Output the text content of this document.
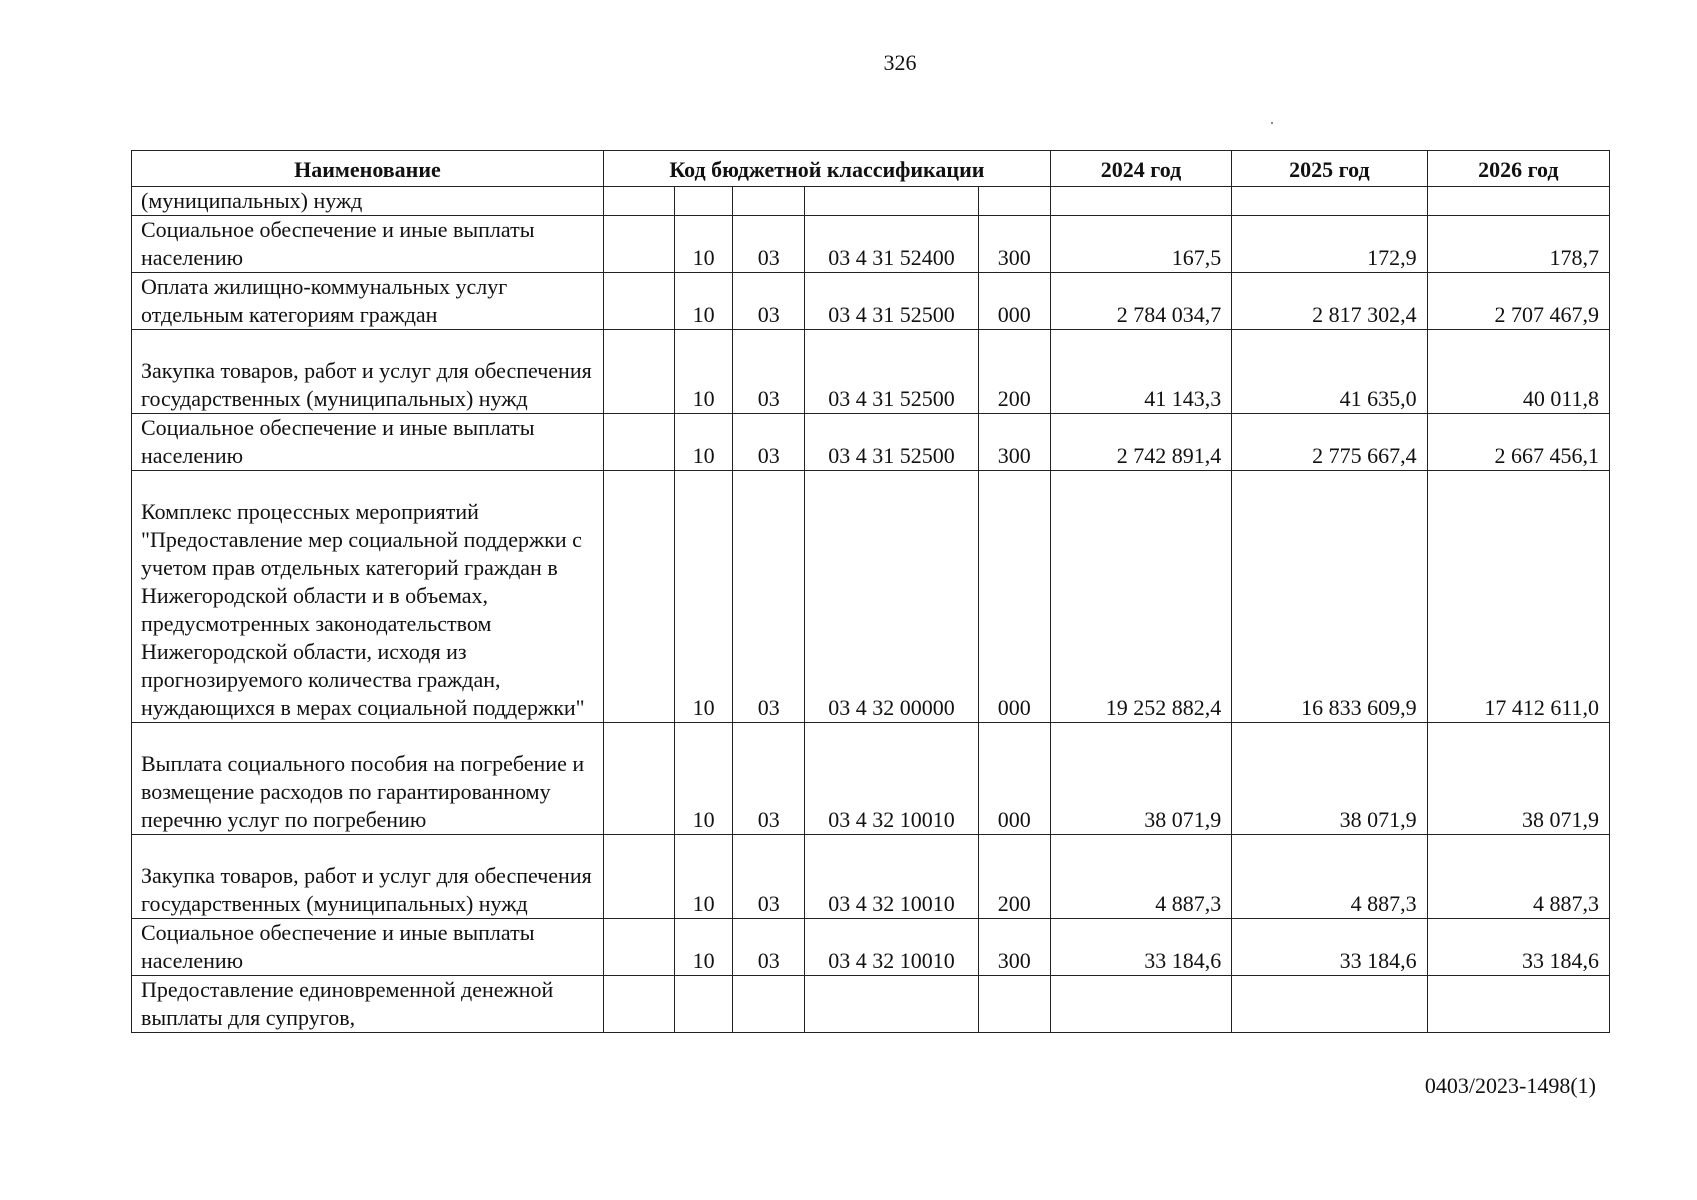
326
Наименование	Код бюджетной классификации					2024 год	2025 год	2026 год
(муниципальных) нужд								
Социальное обеспечение и иные выплаты населению		10	03	03 4 31 52400	300	167,5	172,9	178,7
Оплата жилищно-коммунальных услуг отдельным категориям граждан		10	03	03 4 31 52500	000	2 784 034,7	2 817 302,4	2 707 467,9
Закупка товаров, работ и услуг для обеспечения государственных (муниципальных) нужд		10	03	03 4 31 52500	200	41 143,3	41 635,0	40 011,8
Социальное обеспечение и иные выплаты населению		10	03	03 4 31 52500	300	2 742 891,4	2 775 667,4	2 667 456,1
Комплекс процессных мероприятий "Предоставление мер социальной поддержки с учетом прав отдельных категорий граждан в Нижегородской области и в объемах, предусмотренных законодательством Нижегородской области, исходя из прогнозируемого количества граждан, нуждающихся в мерах социальной поддержки"		10	03	03 4 32 00000	000	19 252 882,4	16 833 609,9	17 412 611,0
Выплата социального пособия на погребение и возмещение расходов по гарантированному перечню услуг по погребению		10	03	03 4 32 10010	000	38 071,9	38 071,9	38 071,9
Закупка товаров, работ и услуг для обеспечения государственных (муниципальных) нужд		10	03	03 4 32 10010	200	4 887,3	4 887,3	4 887,3
Социальное обеспечение и иные выплаты населению		10	03	03 4 32 10010	300	33 184,6	33 184,6	33 184,6
Предоставление единовременной денежной выплаты для супругов,								
0403/2023-1498(1)
